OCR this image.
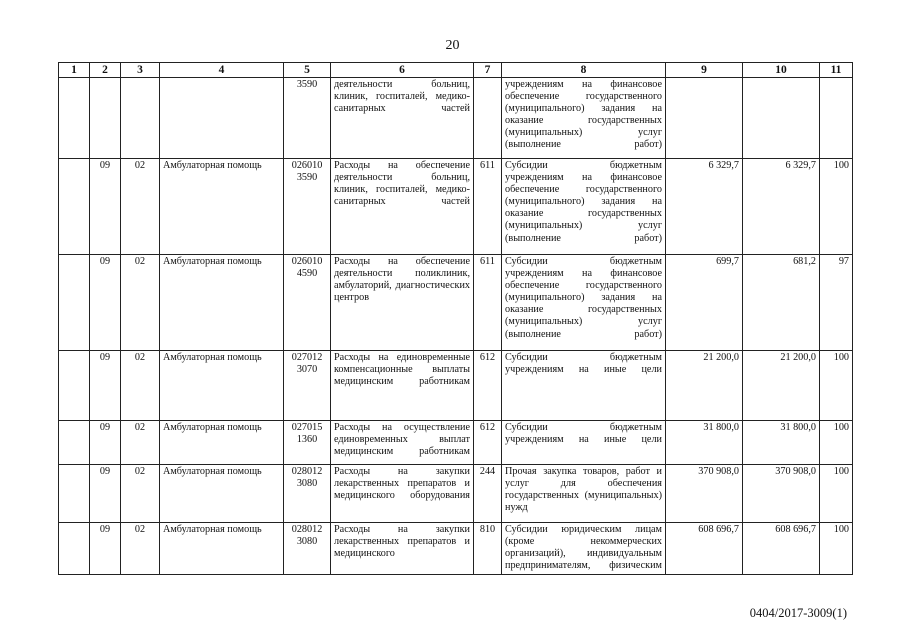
20
1	2	3	4	5	6	7	8	9	10	11
				3590	деятельности больниц, клиник, госпиталей, медико-санитарных частей		учреждениям на финансовое обеспечение государственного (муниципального) задания на оказание государственных (муниципальных) услуг (выполнение работ)			
	09	02	Амбулаторная помощь	026010 3590	Расходы на обеспечение деятельности больниц, клиник, госпиталей, медико-санитарных частей	611	Субсидии бюджетным учреждениям на финансовое обеспечение государственного (муниципального) задания на оказание государственных (муниципальных) услуг (выполнение работ)	6 329,7	6 329,7	100
	09	02	Амбулаторная помощь	026010 4590	Расходы на обеспечение деятельности поликлиник, амбулаторий, диагностических центров	611	Субсидии бюджетным учреждениям на финансовое обеспечение государственного (муниципального) задания на оказание государственных (муниципальных) услуг (выполнение работ)	699,7	681,2	97
	09	02	Амбулаторная помощь	027012 3070	Расходы на единовременные компенсационные выплаты медицинским работникам	612	Субсидии бюджетным учреждениям на иные цели	21 200,0	21 200,0	100
	09	02	Амбулаторная помощь	027015 1360	Расходы на осуществление единовременных выплат медицинским работникам	612	Субсидии бюджетным учреждениям на иные цели	31 800,0	31 800,0	100
	09	02	Амбулаторная помощь	028012 3080	Расходы на закупки лекарственных препаратов и медицинского оборудования	244	Прочая закупка товаров, работ и услуг для обеспечения государственных (муниципальных) нужд	370 908,0	370 908,0	100
	09	02	Амбулаторная помощь	028012 3080	Расходы на закупки лекарственных препаратов и медицинского	810	Субсидии юридическим лицам (кроме некоммерческих организаций), индивидуальным предпринимателям, физическим	608 696,7	608 696,7	100
0404/2017-3009(1)
